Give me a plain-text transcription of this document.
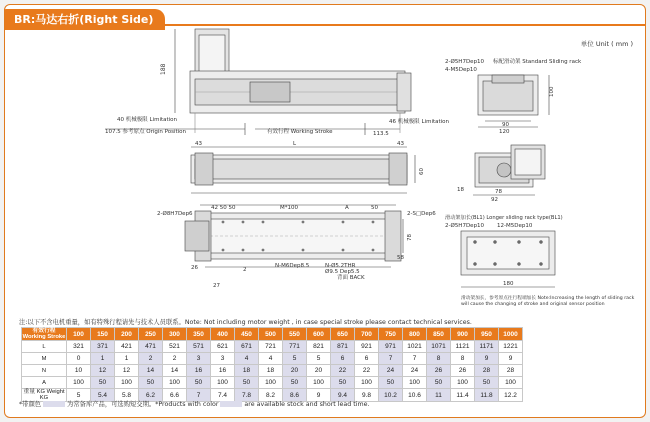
BR:马达右折(Right Side)
单位 Unit ( mm )
188
40 机械极限 Limitation
107.5 参考原点 Origin Position	有效行程 Working Stroke	113.5
46 机械极限 Limitation
2-Ø5H7Dep10
4-M5Dep10
标配滑动架 Standard Sliding rack
90
120
100
43	L	43
60
18	78
92
2-Ø8H7Dep6
42 50 50	M*100	A	50
2-S□Dep6
78
58
26	2
N-M6Dep8.5	N-Ø5.2THR
Ø9.5 Dep5.5
背面 BACK
27
滑动架加长(BL1) Longer sliding rack type(BL1)
2-Ø5H7Dep10 12-M5Dep10
180
滑动架加长，参考原点往行程端加长 Note:Increasing the length of sliding rack will cause the changing of stroke and original sensor position
注:以下不含电机重量，如有特殊行程请先与技术人员联系。Note: Not including motor weight , in case special stroke please contact technical services.
有效行程 Working Stroke	100	150	200	250	300	350	400	450	500	550	600	650	700	750	800	850	900	950	1000
L	321	371	421	471	521	571	621	671	721	771	821	871	921	971	1021	1071	1121	1171	1221
M	0	1	1	2	2	3	3	4	4	5	5	6	6	7	7	8	8	9	9
N	10	12	12	14	14	16	16	18	18	20	20	22	22	24	24	26	26	28	28
A	100	50	100	50	100	50	100	50	100	50	100	50	100	50	100	50	100	50	100
重量 KG Weight KG	5	5.4	5.8	6.2	6.6	7	7.4	7.8	8.2	8.6	9	9.4	9.8	10.2	10.6	11	11.4	11.8	12.2
*带颜色	为常备库产品，可选购短交期。*Products with color	are available stock and short lead time.
